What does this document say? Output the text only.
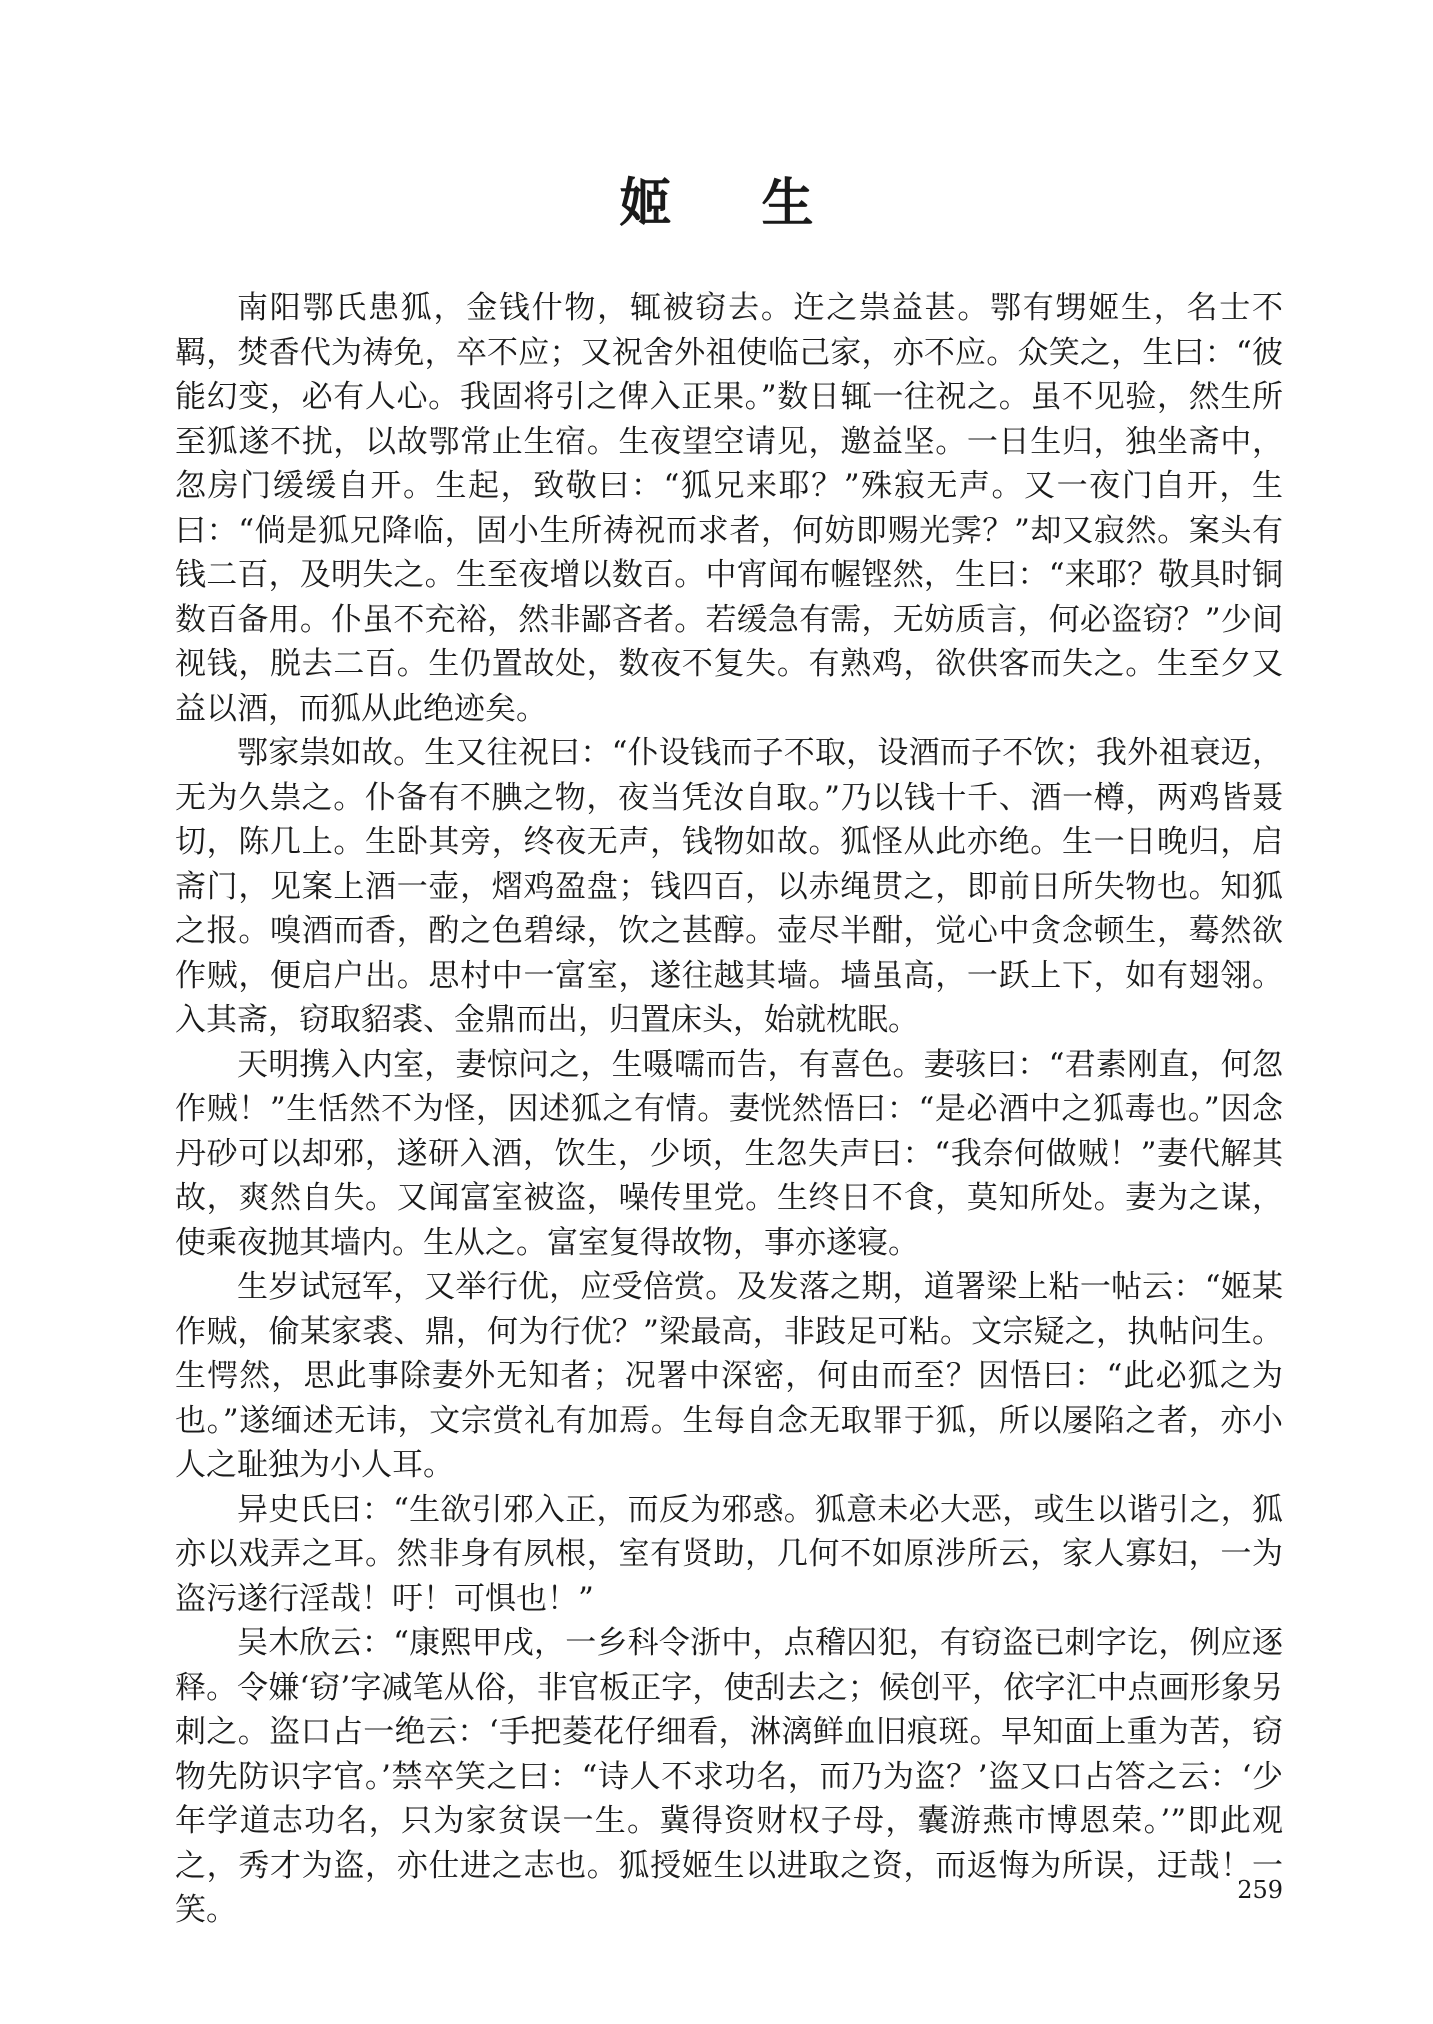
姬 生

南阳鄂氏患狐，金钱什物，辄被窃去。迕之祟益甚。鄂有甥姬生，名士不羁，焚香代为祷免，卒不应；又祝舍外祖使临己家，亦不应。众笑之，生曰：“彼能幻变，必有人心。我固将引之俾入正果。”数日辄一往祝之。虽不见验，然生所至狐遂不扰，以故鄂常止生宿。生夜望空请见，邀益坚。一日生归，独坐斋中，忽房门缓缓自开。生起，致敬曰：“狐兄来耶？”殊寂无声。又一夜门自开，生曰：“倘是狐兄降临，固小生所祷祝而求者，何妨即赐光霁？”却又寂然。案头有钱二百，及明失之。生至夜增以数百。中宵闻布幄铿然，生曰：“来耶？敬具时铜数百备用。仆虽不充裕，然非鄙吝者。若缓急有需，无妨质言，何必盗窃？”少间视钱，脱去二百。生仍置故处，数夜不复失。有熟鸡，欲供客而失之。生至夕又益以酒，而狐从此绝迹矣。

鄂家祟如故。生又往祝曰：“仆设钱而子不取，设酒而子不饮；我外祖衰迈，无为久祟之。仆备有不腆之物，夜当凭汝自取。”乃以钱十千、酒一樽，两鸡皆聂切，陈几上。生卧其旁，终夜无声，钱物如故。狐怪从此亦绝。生一日晚归，启斋门，见案上酒一壶，熠鸡盈盘；钱四百，以赤绳贯之，即前日所失物也。知狐之报。嗅酒而香，酌之色碧绿，饮之甚醇。壶尽半酣，觉心中贪念顿生，蓦然欲作贼，便启户出。思村中一富室，遂往越其墙。墙虽高，一跃上下，如有翅翎。入其斋，窃取貂裘、金鼎而出，归置床头，始就枕眠。

天明携入内室，妻惊问之，生嗫嚅而告，有喜色。妻骇曰：“君素刚直，何忽作贼！”生恬然不为怪，因述狐之有情。妻恍然悟曰：“是必酒中之狐毒也。”因念丹砂可以却邪，遂研入酒，饮生，少顷，生忽失声曰：“我奈何做贼！”妻代解其故，爽然自失。又闻富室被盗，噪传里党。生终日不食，莫知所处。妻为之谋，使乘夜抛其墙内。生从之。富室复得故物，事亦遂寝。

生岁试冠军，又举行优，应受倍赏。及发落之期，道署梁上粘一帖云：“姬某作贼，偷某家裘、鼎，何为行优？”梁最高，非跂足可粘。文宗疑之，执帖问生。生愕然，思此事除妻外无知者；况署中深密，何由而至？因悟曰：“此必狐之为也。”遂缅述无讳，文宗赏礼有加焉。生每自念无取罪于狐，所以屡陷之者，亦小人之耻独为小人耳。

异史氏曰：“生欲引邪入正，而反为邪惑。狐意未必大恶，或生以谐引之，狐亦以戏弄之耳。然非身有夙根，室有贤助，几何不如原涉所云，家人寡妇，一为盗污遂行淫哉！吁！可惧也！”

吴木欣云：“康熙甲戌，一乡科令浙中，点稽囚犯，有窃盗已刺字讫，例应逐释。令嫌‘窃’字减笔从俗，非官板正字，使刮去之；候创平，依字汇中点画形象另刺之。盗口占一绝云：‘手把菱花仔细看，淋漓鲜血旧痕斑。早知面上重为苦，窃物先防识字官。’禁卒笑之曰：“诗人不求功名，而乃为盗？’盗又口占答之云：‘少年学道志功名，只为家贫误一生。冀得资财权子母，囊游燕市博恩荣。’”即此观之，秀才为盗，亦仕进之志也。狐授姬生以进取之资，而返悔为所误，迂哉！一笑。

259
